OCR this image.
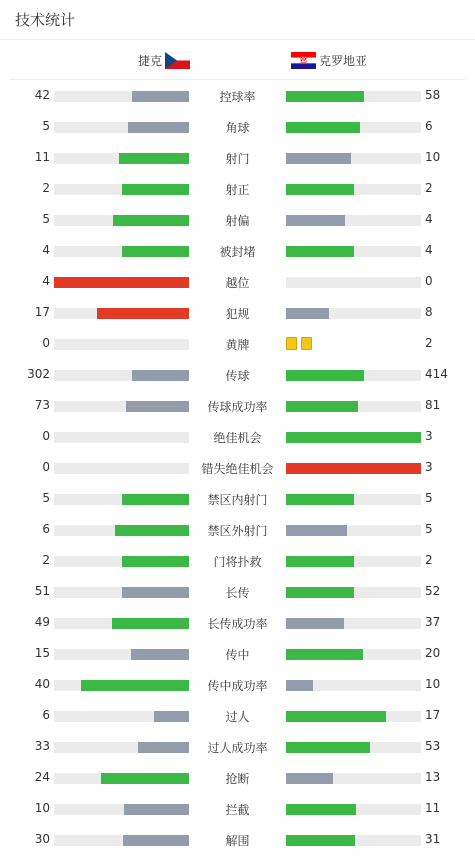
技术统计
捷克	克罗地亚
42	控球率	58
5	角球	6
11	射门	10
2	射正	2
5	射偏	4
4	被封堵	4
4	越位	0
17	犯规	8
0	黄牌	2
302	传球	414
73	传球成功率	81
0	绝佳机会	3
0	错失绝佳机会	3
5	禁区内射门	5
6	禁区外射门	5
2	门将扑救	2
51	长传	52
49	长传成功率	37
15	传中	20
40	传中成功率	10
6	过人	17
33	过人成功率	53
24	抢断	13
10	拦截	11
30	解围	31
